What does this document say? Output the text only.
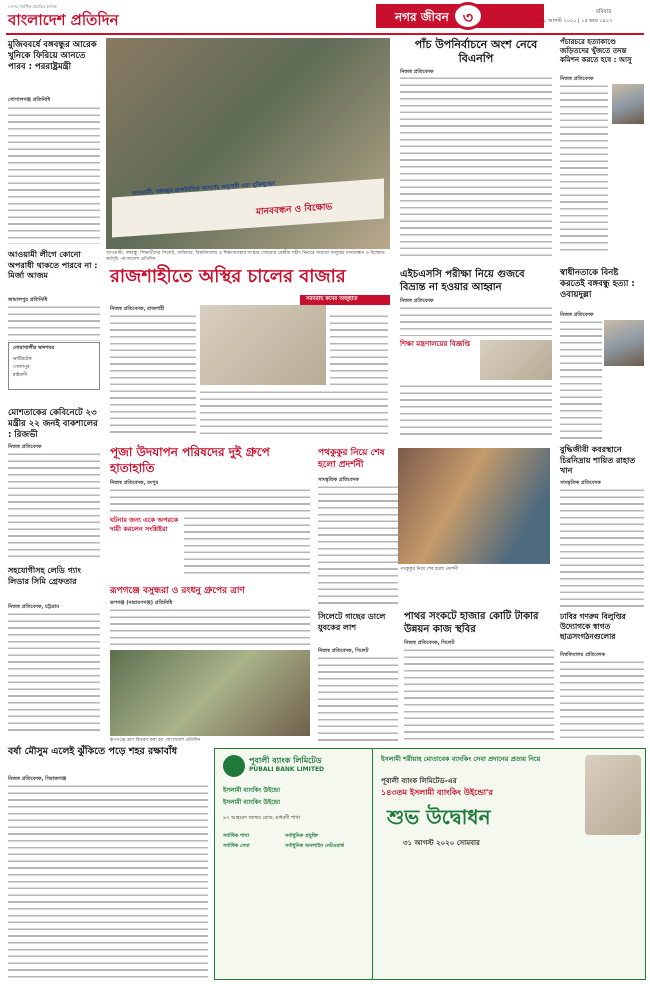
দেশের সর্বাধিক প্রচারিত দৈনিক
বাংলাদেশ প্রতিদিন	নগর জীবন ৩	রবিবার
৩০ আগস্ট ২০২০ | ১৫ ভাদ্র ১৪২৭
মুজিববর্ষে বঙ্গবন্ধুর আরেক খুনিকে ফিরিয়ে আনতে পারব : পররাষ্ট্রমন্ত্রী
গোপালগঞ্জ প্রতিনিধি
আওয়ামী, বঙ্গবন্ধুর রাজনৈতিক আদর্শের অনুসারী এবং মুক্তিযুদ্ধের
মানববন্ধন ও বিক্ষোভ
আওয়ামী, বঙ্গবন্ধু, শিক্ষার্থীদের সিলেট, সারিন্দার, বিশ্ববিদ্যালয় ও শিক্ষাব্যবস্থার সংস্কার সোমবার কেন্দ্রীয় শহীদ মিনারে সাধারণ মানুষের মানববন্ধন ও বিক্ষোভ কর্মসূচি -বাংলাদেশ প্রতিদিন
পাঁচ উপনির্বাচনে অংশ নেবে বিএনপি
নিজস্ব প্রতিবেদক
পঁচারচরে হত্যাকাণ্ডে জড়িতদের খুঁজতে তদন্ত কমিশন করতে হবে : আসু
নিজস্ব প্রতিবেদক
আওয়ামী লীগে কোনো অপরাধী থাকতে পারবে না : মির্জা আজম
জামালপুর প্রতিনিধি
নোয়াখালীর দ্বাদশঘর
ভাটিরটেক
গোলাপুর
মাইজদী
রাজশাহীতে অস্থির চালের বাজার
সরবরাহ কমের অজুহাত
নিজস্ব প্রতিবেদক, রাজশাহী
এইচএসসি পরীক্ষা নিয়ে গুজবে বিভ্রান্ত না হওয়ার আহ্বান
নিজস্ব প্রতিবেদক
শিক্ষা মন্ত্রণালয়ের বিজ্ঞপ্তি
স্বাধীনতাকে বিনষ্ট করতেই বঙ্গবন্ধু হত্যা : ওবায়দুল্লা
নিজস্ব প্রতিবেদক
মোশতাকের কেবিনেটে ২৩ মন্ত্রীর ২২ জনই বাকশালের : রিজভী
নিজস্ব প্রতিবেদক	পূজা উদযাপন পরিষদের দুই গ্রুপে হাতাহাতি
নিজস্ব প্রতিবেদক, রংপুর
ঘটনার জন্য একে অপরকে দায়ী করলেন সংশ্লিষ্টরা
পথকুকুর নিয়ে শেষ হলো প্রদর্শনী
সাংস্কৃতিক প্রতিবেদক
পথকুকুর নিয়ে শেষ হলো প্রদর্শনী
বুদ্ধিজীবী কবরস্থানে চিরনিদ্রায় শায়িত রাহাত খান
সাংস্কৃতিক প্রতিবেদক
সহযোগীসহ লেডি গ্যাং লিডার সিমি গ্রেফতার
নিজস্ব প্রতিবেদক, চট্টগ্রাম
রূপগঞ্জে বসুন্ধরা ও রংধনু গ্রুপের ত্রাণ
রূপগঞ্জ (নারায়ণগঞ্জ) প্রতিনিধি
রূপগঞ্জে ত্রাণ বিতরণ করা হয় -বাংলাদেশ প্রতিদিন
সিলেটে গাছের ডালে যুবকের লাশ
নিজস্ব প্রতিবেদক, সিলেট
পাথর সংকটে হাজার কোটি টাকার উন্নয়ন কাজ স্থবির
নিজস্ব প্রতিবেদক, সিলেট
ঢাবির গণরুম বিলুপ্তির উদ্যোগকে স্বাগত ছাত্রসংগঠনগুলোর
বিশ্ববিদ্যালয় প্রতিবেদক
বর্ষা মৌসুম এলেই ঝুঁকিতে পড়ে শহর রক্ষাবাঁধ
নিজস্ব প্রতিবেদক, সিরাজগঞ্জ
পূবালী ব্যাংক লিমিটেড
PUBALI BANK LIMITED
ইসলামী ব্যাংকিং উইন্ডো
ইসলামী ব্যাংকিং উইন্ডো
৯৭ আহমেদ জাফর রোড, মাধবদী শাখা
সর্বাধিক শাখা
সর্বাধিক সেবা
সর্বাধুনিক প্রযুক্তি
সর্বাধুনিক অনলাইন নেটওয়ার্ক
ইসলামী শরীয়াহ মোতাবেক ব্যাংকিং সেবা প্রদানের প্রত্যয় নিয়ে
পূবালী ব্যাংক লিমিটেড-এর
১৪৩তম ইসলামী ব্যাংকিং উইন্ডো'র
শুভ উদ্বোধন
৩১ আগস্ট ২০২০ সোমবার
